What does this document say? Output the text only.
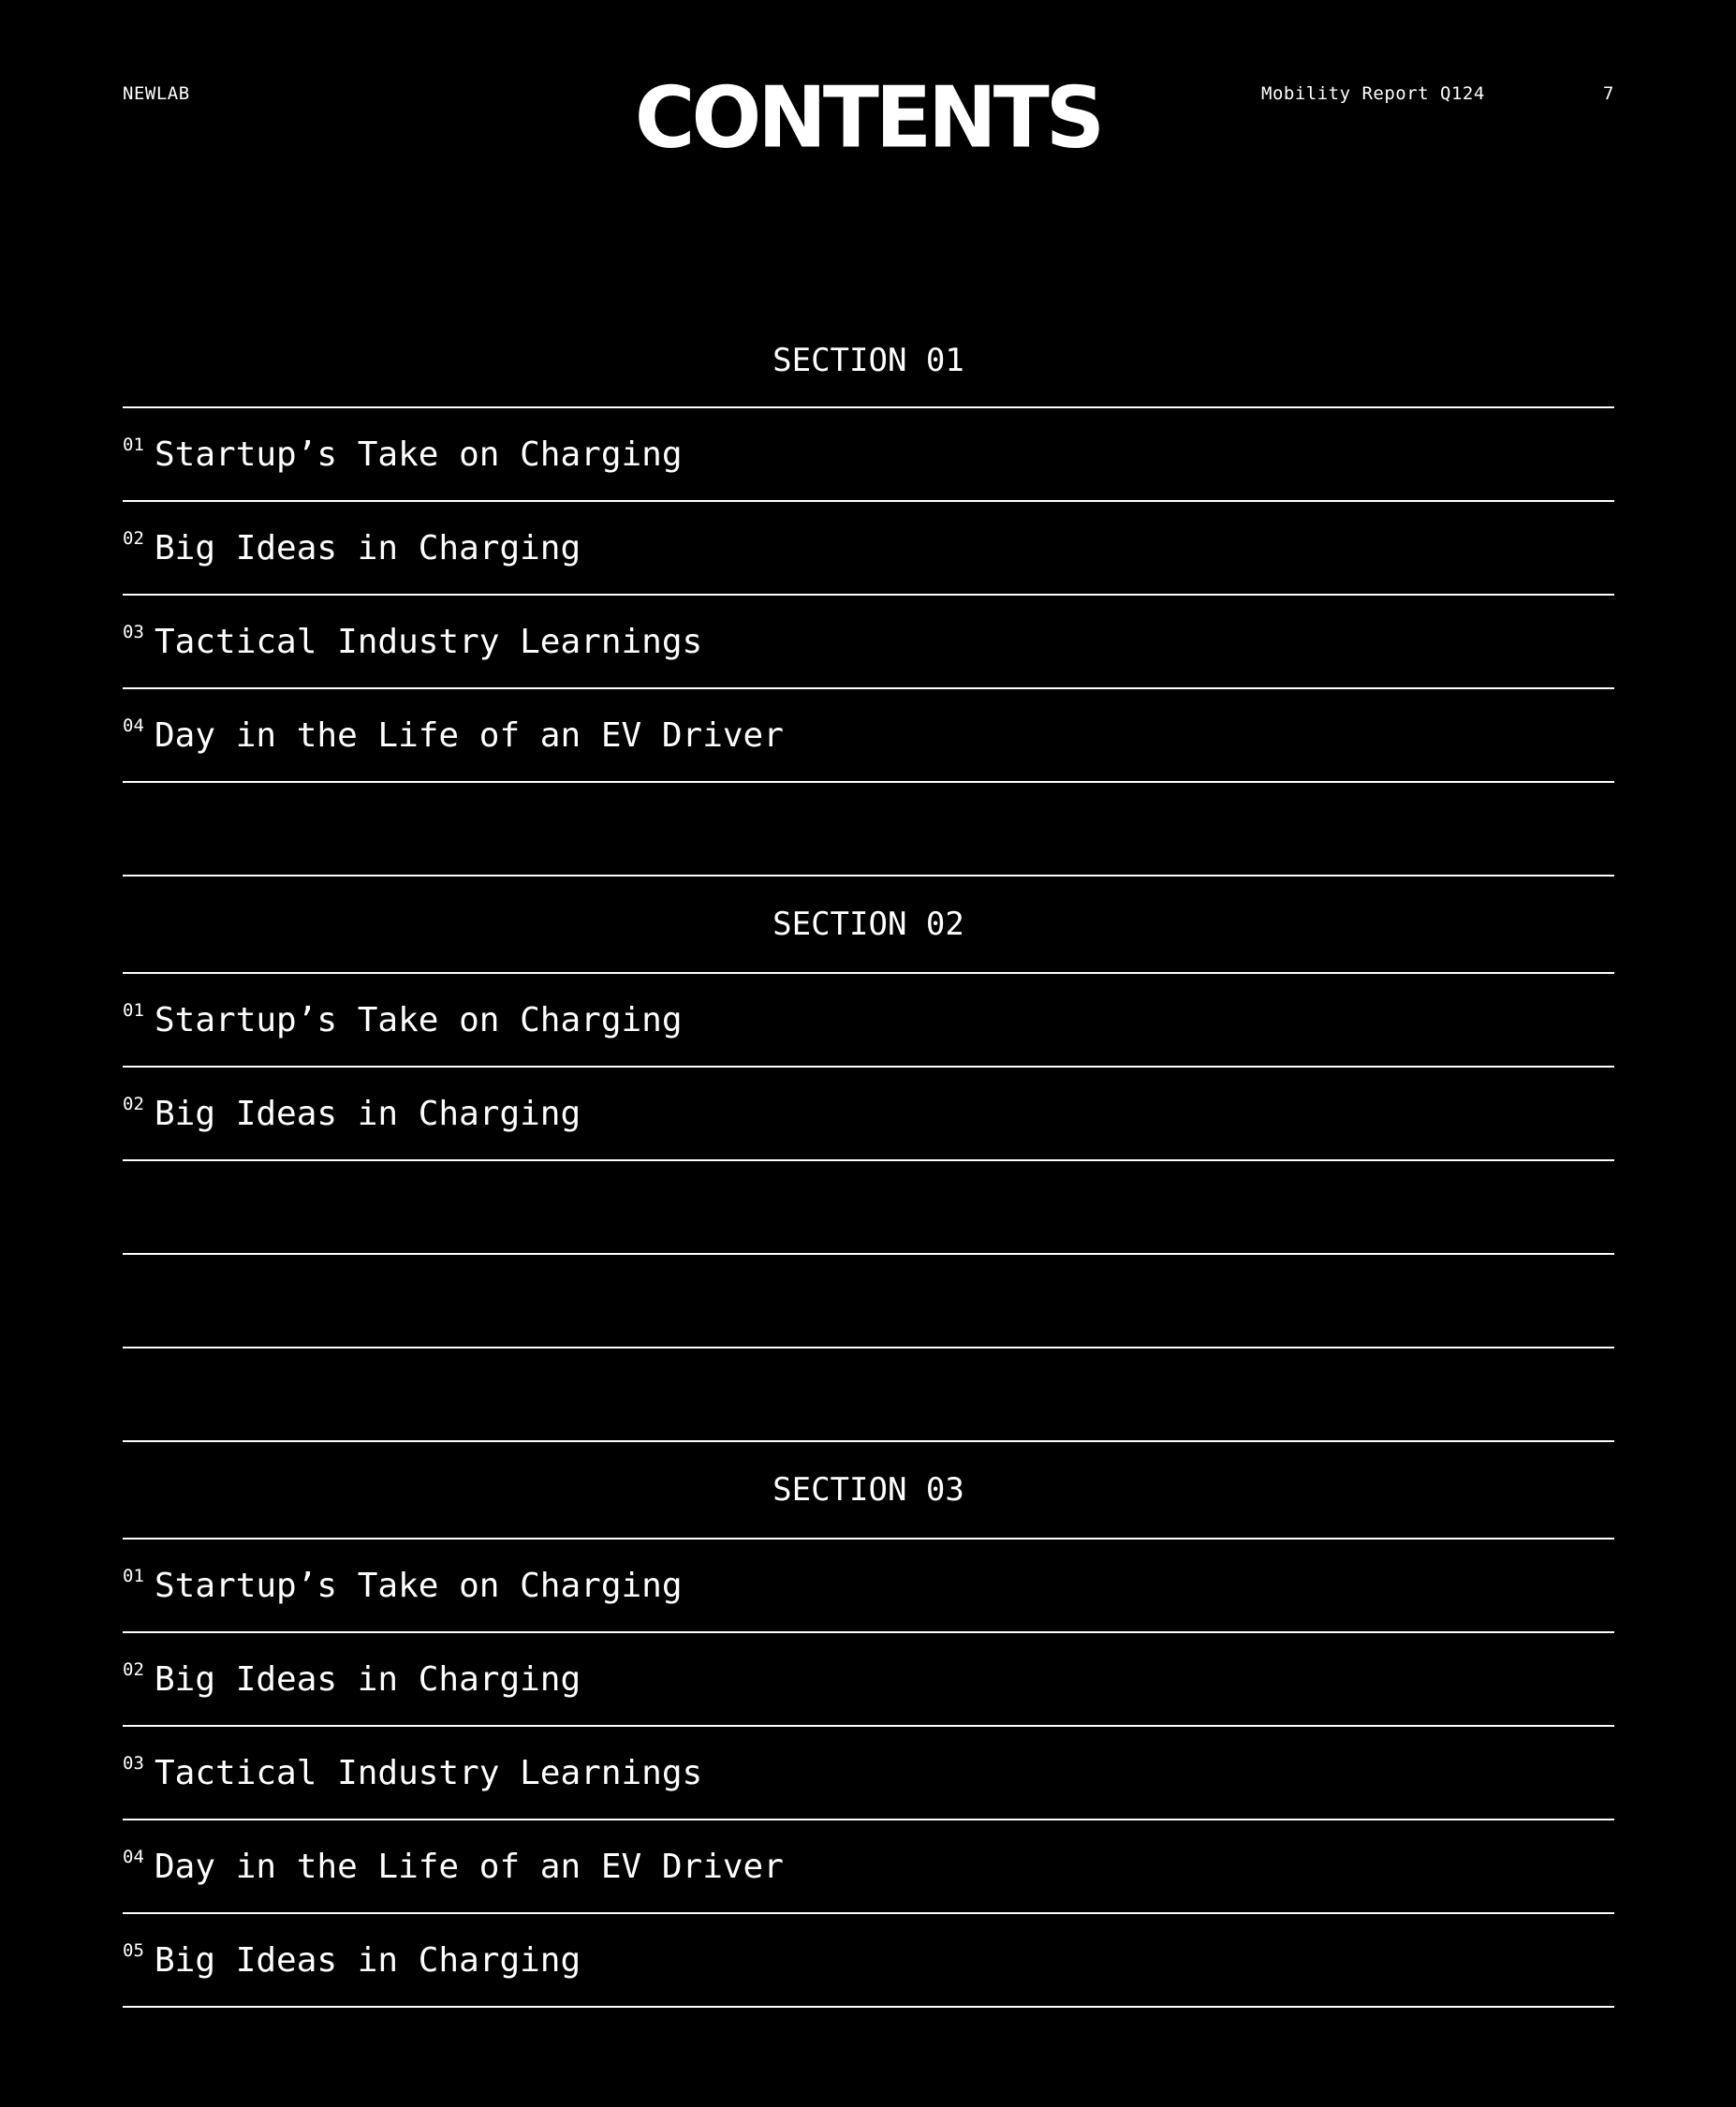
NEWLAB	CONTENTS	Mobility Report Q124	7
SECTION 01
01 Startup’s Take on Charging
02 Big Ideas in Charging
03 Tactical Industry Learnings
04 Day in the Life of an EV Driver
SECTION 02
01 Startup’s Take on Charging
02 Big Ideas in Charging
SECTION 03
01 Startup’s Take on Charging
02 Big Ideas in Charging
03 Tactical Industry Learnings
04 Day in the Life of an EV Driver
05 Big Ideas in Charging
